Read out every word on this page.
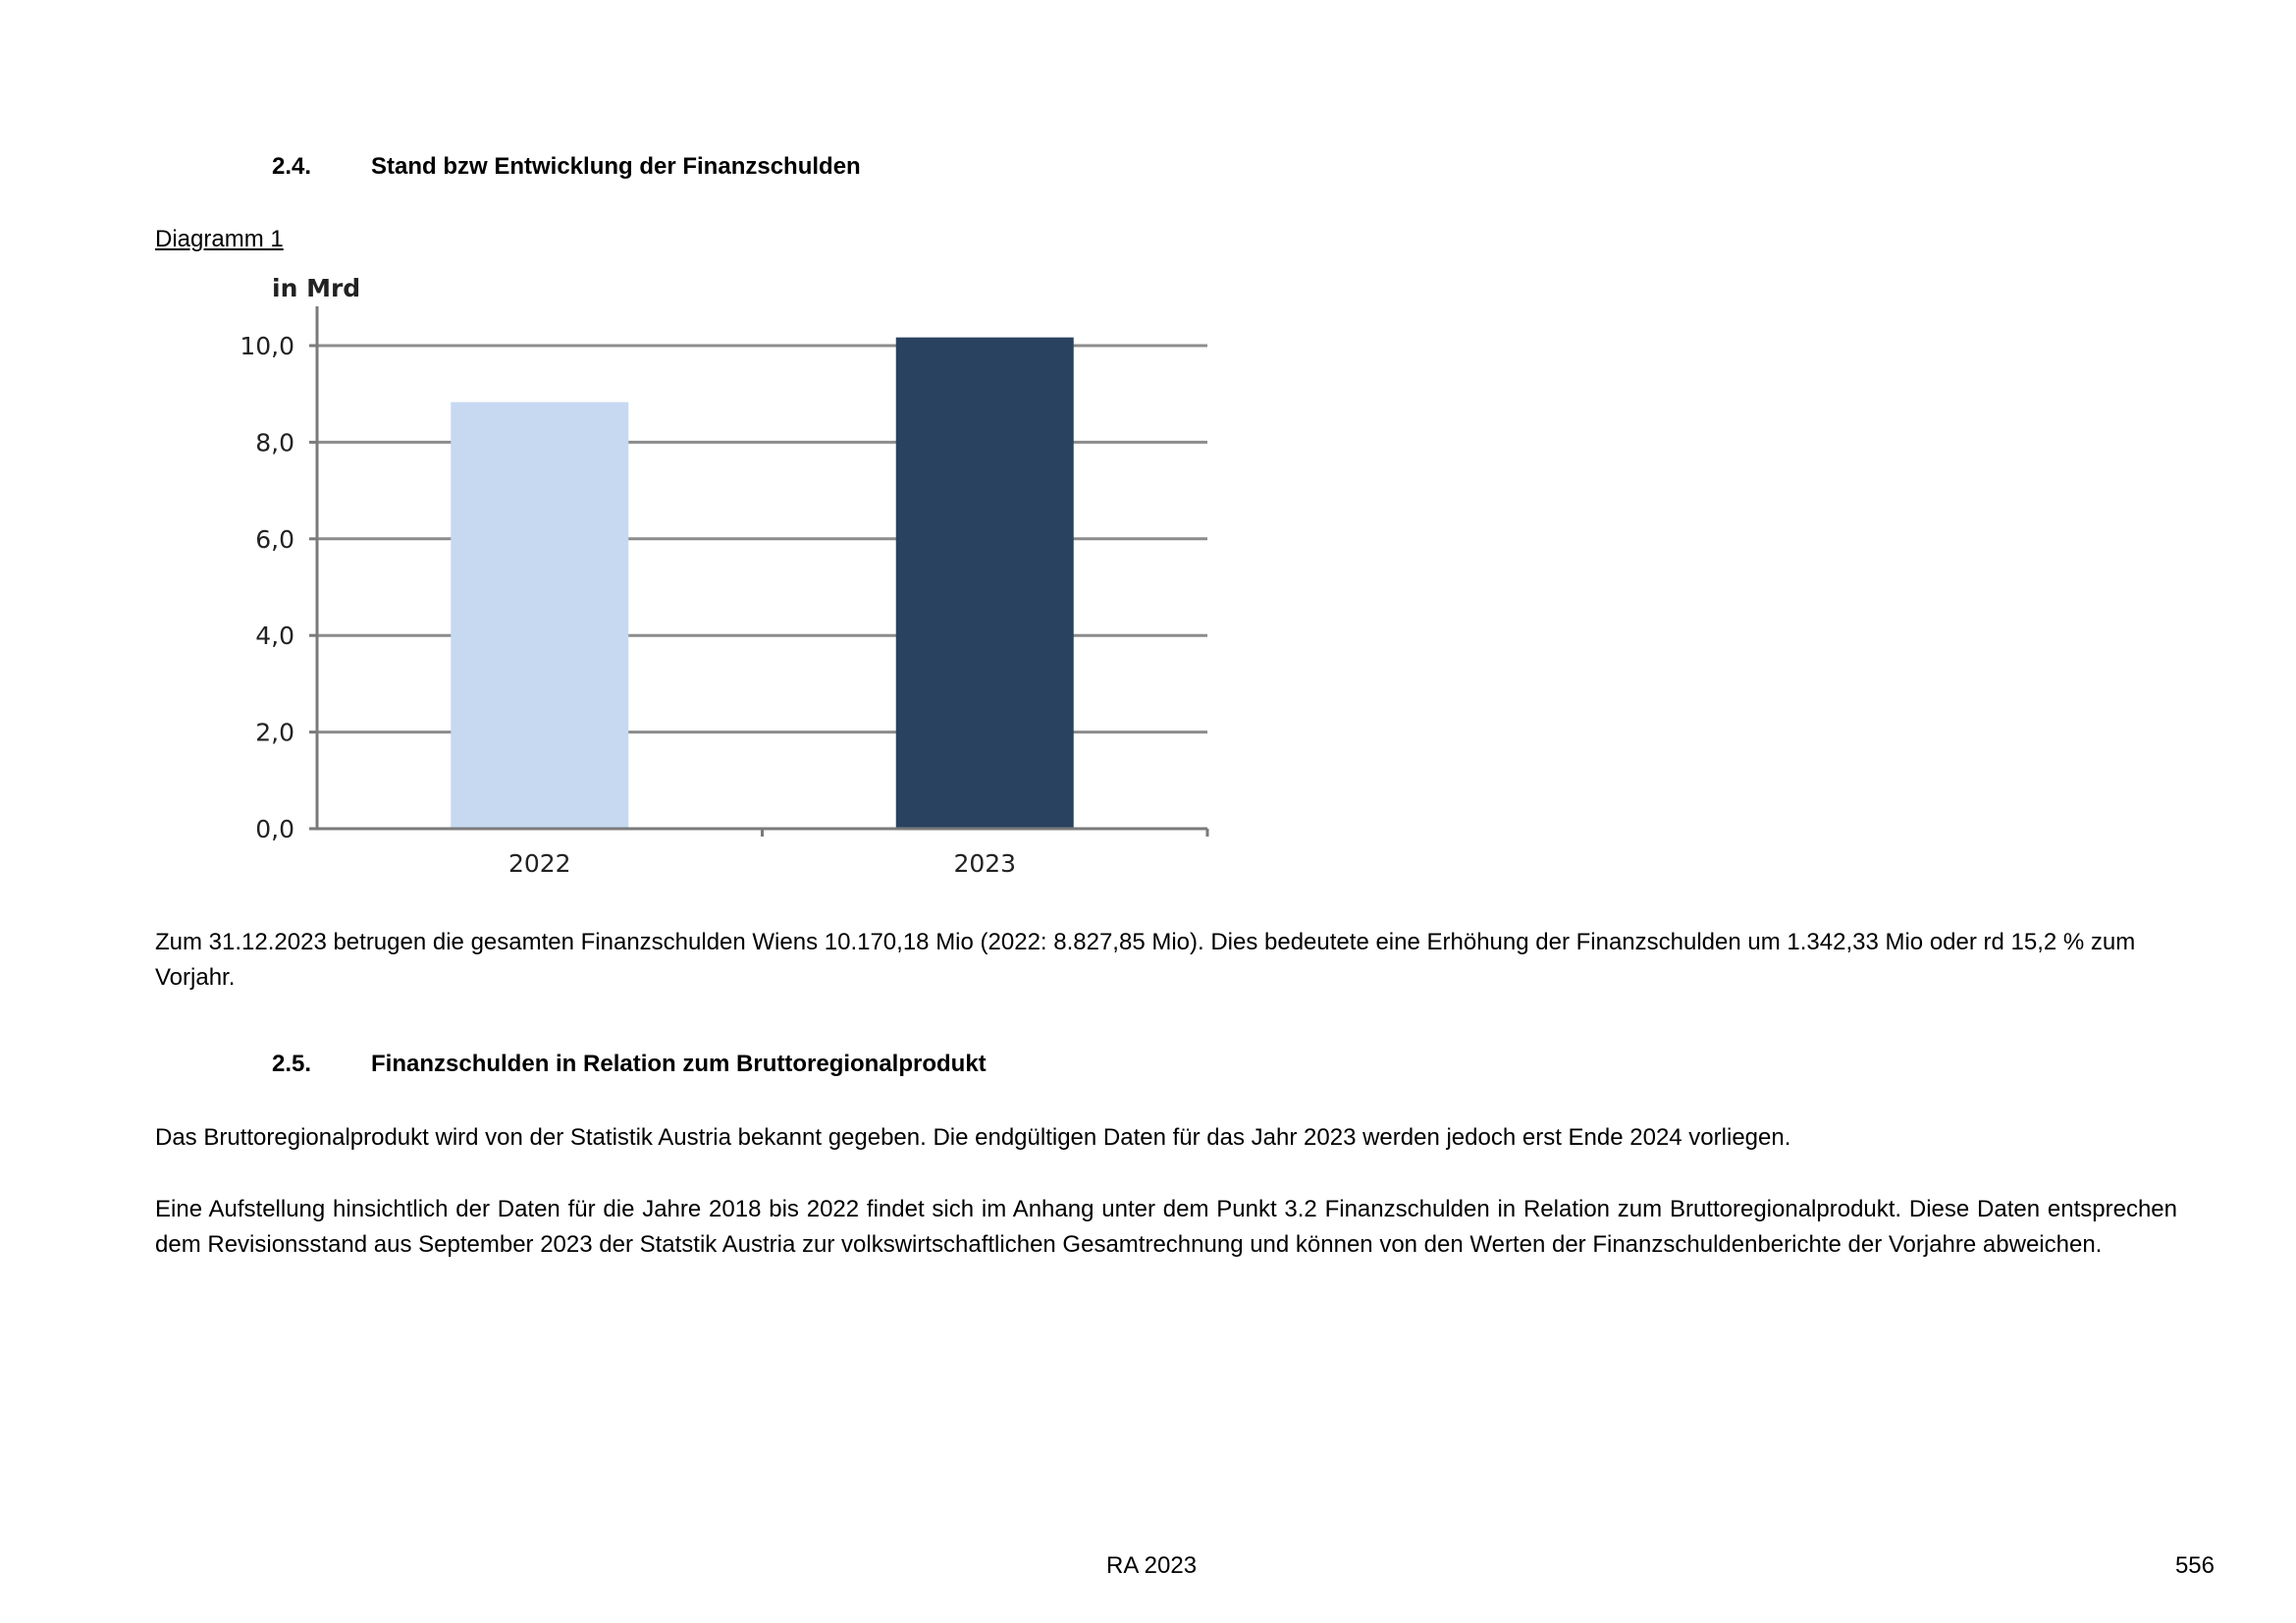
2.4.	Stand bzw Entwicklung der Finanzschulden
Diagramm 1
in Mrd
0,0
2,0
4,0
6,0
8,0
10,0
2022	2023

Zum 31.12.2023 betrugen die gesamten Finanzschulden Wiens 10.170,18 Mio (2022: 8.827,85 Mio). Dies bedeutete eine Erhöhung der Finanzschulden um 1.342,33 Mio oder rd 15,2 % zum Vorjahr.

2.5.	Finanzschulden in Relation zum Bruttoregionalprodukt

Das Bruttoregionalprodukt wird von der Statistik Austria bekannt gegeben. Die endgültigen Daten für das Jahr 2023 werden jedoch erst Ende 2024 vorliegen.

Eine Aufstellung hinsichtlich der Daten für die Jahre 2018 bis 2022 findet sich im Anhang unter dem Punkt 3.2 Finanzschulden in Relation zum Bruttoregionalprodukt. Diese Daten entsprechen dem Revisionsstand aus September 2023 der Statstik Austria zur volkswirtschaftlichen Gesamtrechnung und können von den Werten der Finanzschuldenberichte der Vorjahre abweichen.

RA 2023	556
